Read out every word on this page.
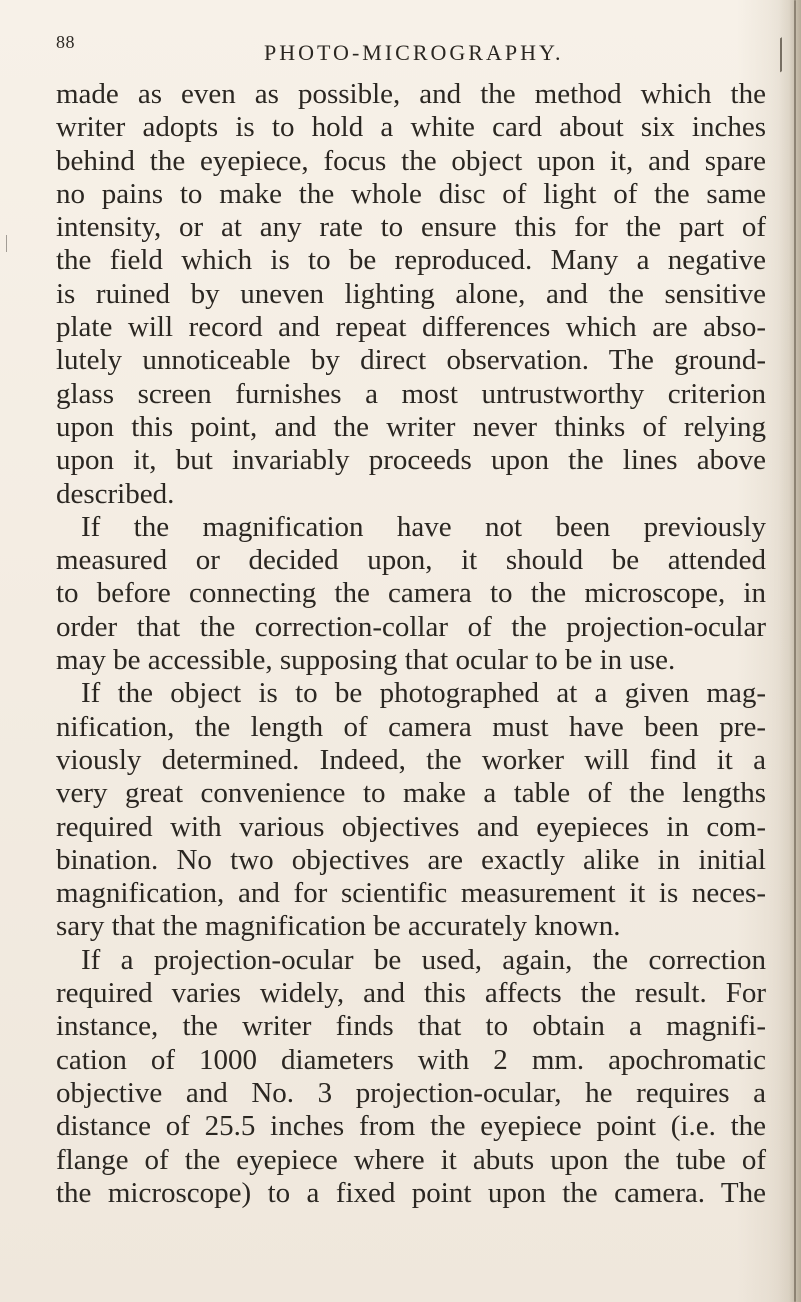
88	PHOTO-MICROGRAPHY.
made as even as possible, and the method which the
writer adopts is to hold a white card about six inches
behind the eyepiece, focus the object upon it, and spare
no pains to make the whole disc of light of the same
intensity, or at any rate to ensure this for the part of
the field which is to be reproduced. Many a negative
is ruined by uneven lighting alone, and the sensitive
plate will record and repeat differences which are abso-
lutely unnoticeable by direct observation. The ground-
glass screen furnishes a most untrustworthy criterion
upon this point, and the writer never thinks of relying
upon it, but invariably proceeds upon the lines above
described.
If the magnification have not been previously
measured or decided upon, it should be attended
to before connecting the camera to the microscope, in
order that the correction-collar of the projection-ocular
may be accessible, supposing that ocular to be in use.
If the object is to be photographed at a given mag-
nification, the length of camera must have been pre-
viously determined. Indeed, the worker will find it a
very great convenience to make a table of the lengths
required with various objectives and eyepieces in com-
bination. No two objectives are exactly alike in initial
magnification, and for scientific measurement it is neces-
sary that the magnification be accurately known.
If a projection-ocular be used, again, the correction
required varies widely, and this affects the result. For
instance, the writer finds that to obtain a magnifi-
cation of 1000 diameters with 2 mm. apochromatic
objective and No. 3 projection-ocular, he requires a
distance of 25.5 inches from the eyepiece point (i.e. the
flange of the eyepiece where it abuts upon the tube of
the microscope) to a fixed point upon the camera. The
